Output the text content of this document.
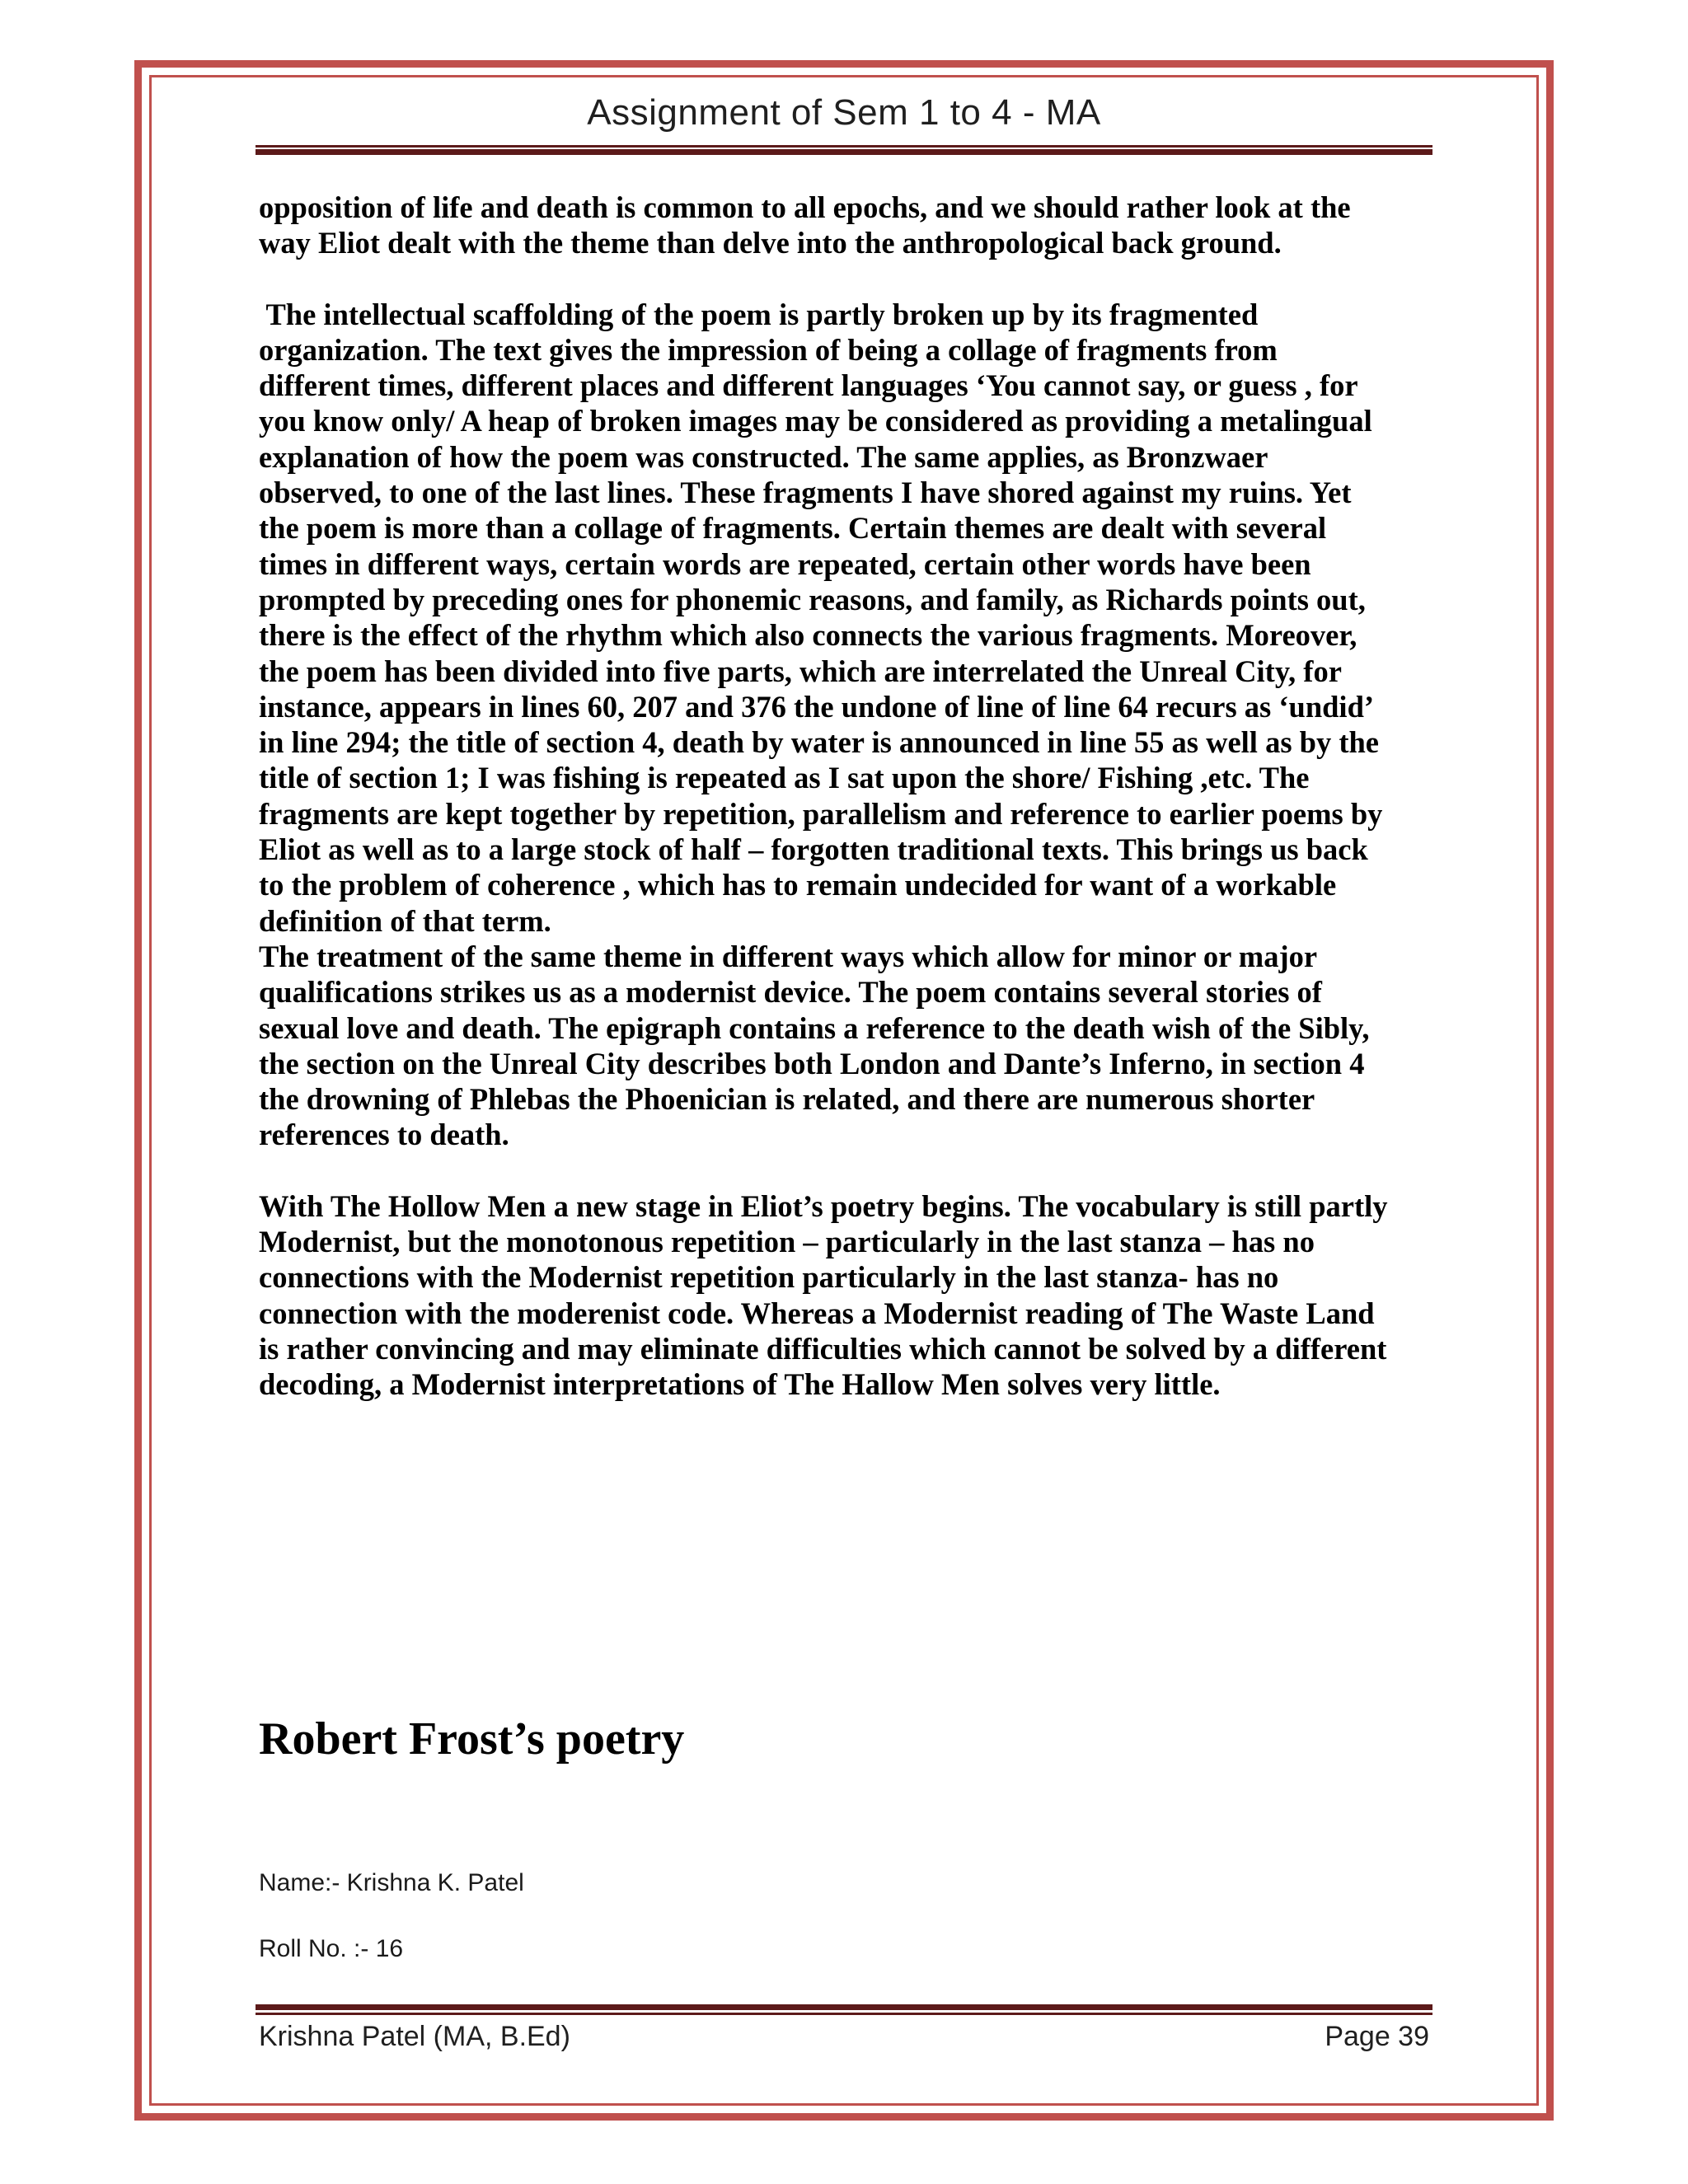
Assignment of Sem 1 to 4 - MA

opposition of life and death is common to all epochs, and we should rather look at the

way Eliot dealt with the theme than delve into the anthropological back ground.

The intellectual scaffolding of the poem is partly broken up by its fragmented

organization. The text gives the impression of being a collage of fragments from

different times, different places and different languages ‘You cannot say, or guess , for

you know only/ A heap of broken images may be considered as providing a metalingual

explanation of how the poem was constructed. The same applies, as Bronzwaer

observed, to one of the last lines. These fragments I have shored against my ruins. Yet

the poem is more than a collage of fragments. Certain themes are dealt with several

times in different ways, certain words are repeated, certain other words have been

prompted by preceding ones for phonemic reasons, and family, as Richards points out,

there is the effect of the rhythm which also connects the various fragments. Moreover,

the poem has been divided into five parts, which are interrelated the Unreal City, for

instance, appears in lines 60, 207 and 376 the undone of line of line 64 recurs as ‘undid’

in line 294; the title of section 4, death by water is announced in line 55 as well as by the

title of section 1; I was fishing is repeated as I sat upon the shore/ Fishing ,etc. The

fragments are kept together by repetition, parallelism and reference to earlier poems by

Eliot as well as to a large stock of half – forgotten traditional texts. This brings us back

to the problem of coherence , which has to remain undecided for want of a workable

definition of that term.

The treatment of the same theme in different ways which allow for minor or major

qualifications strikes us as a modernist device. The poem contains several stories of

sexual love and death. The epigraph contains a reference to the death wish of the Sibly,

the section on the Unreal City describes both London and Dante’s Inferno, in section 4

the drowning of Phlebas the Phoenician is related, and there are numerous shorter

references to death.

With The Hollow Men a new stage in Eliot’s poetry begins. The vocabulary is still partly

Modernist, but the monotonous repetition – particularly in the last stanza – has no

connections with the Modernist repetition particularly in the last stanza- has no

connection with the moderenist code. Whereas a Modernist reading of The Waste Land

is rather convincing and may eliminate difficulties which cannot be solved by a different

decoding, a Modernist interpretations of The Hallow Men solves very little.

Robert Frost’s poetry
Name:- Krishna K. Patel
Roll No. :- 16
Krishna Patel (MA, B.Ed)	Page 39
